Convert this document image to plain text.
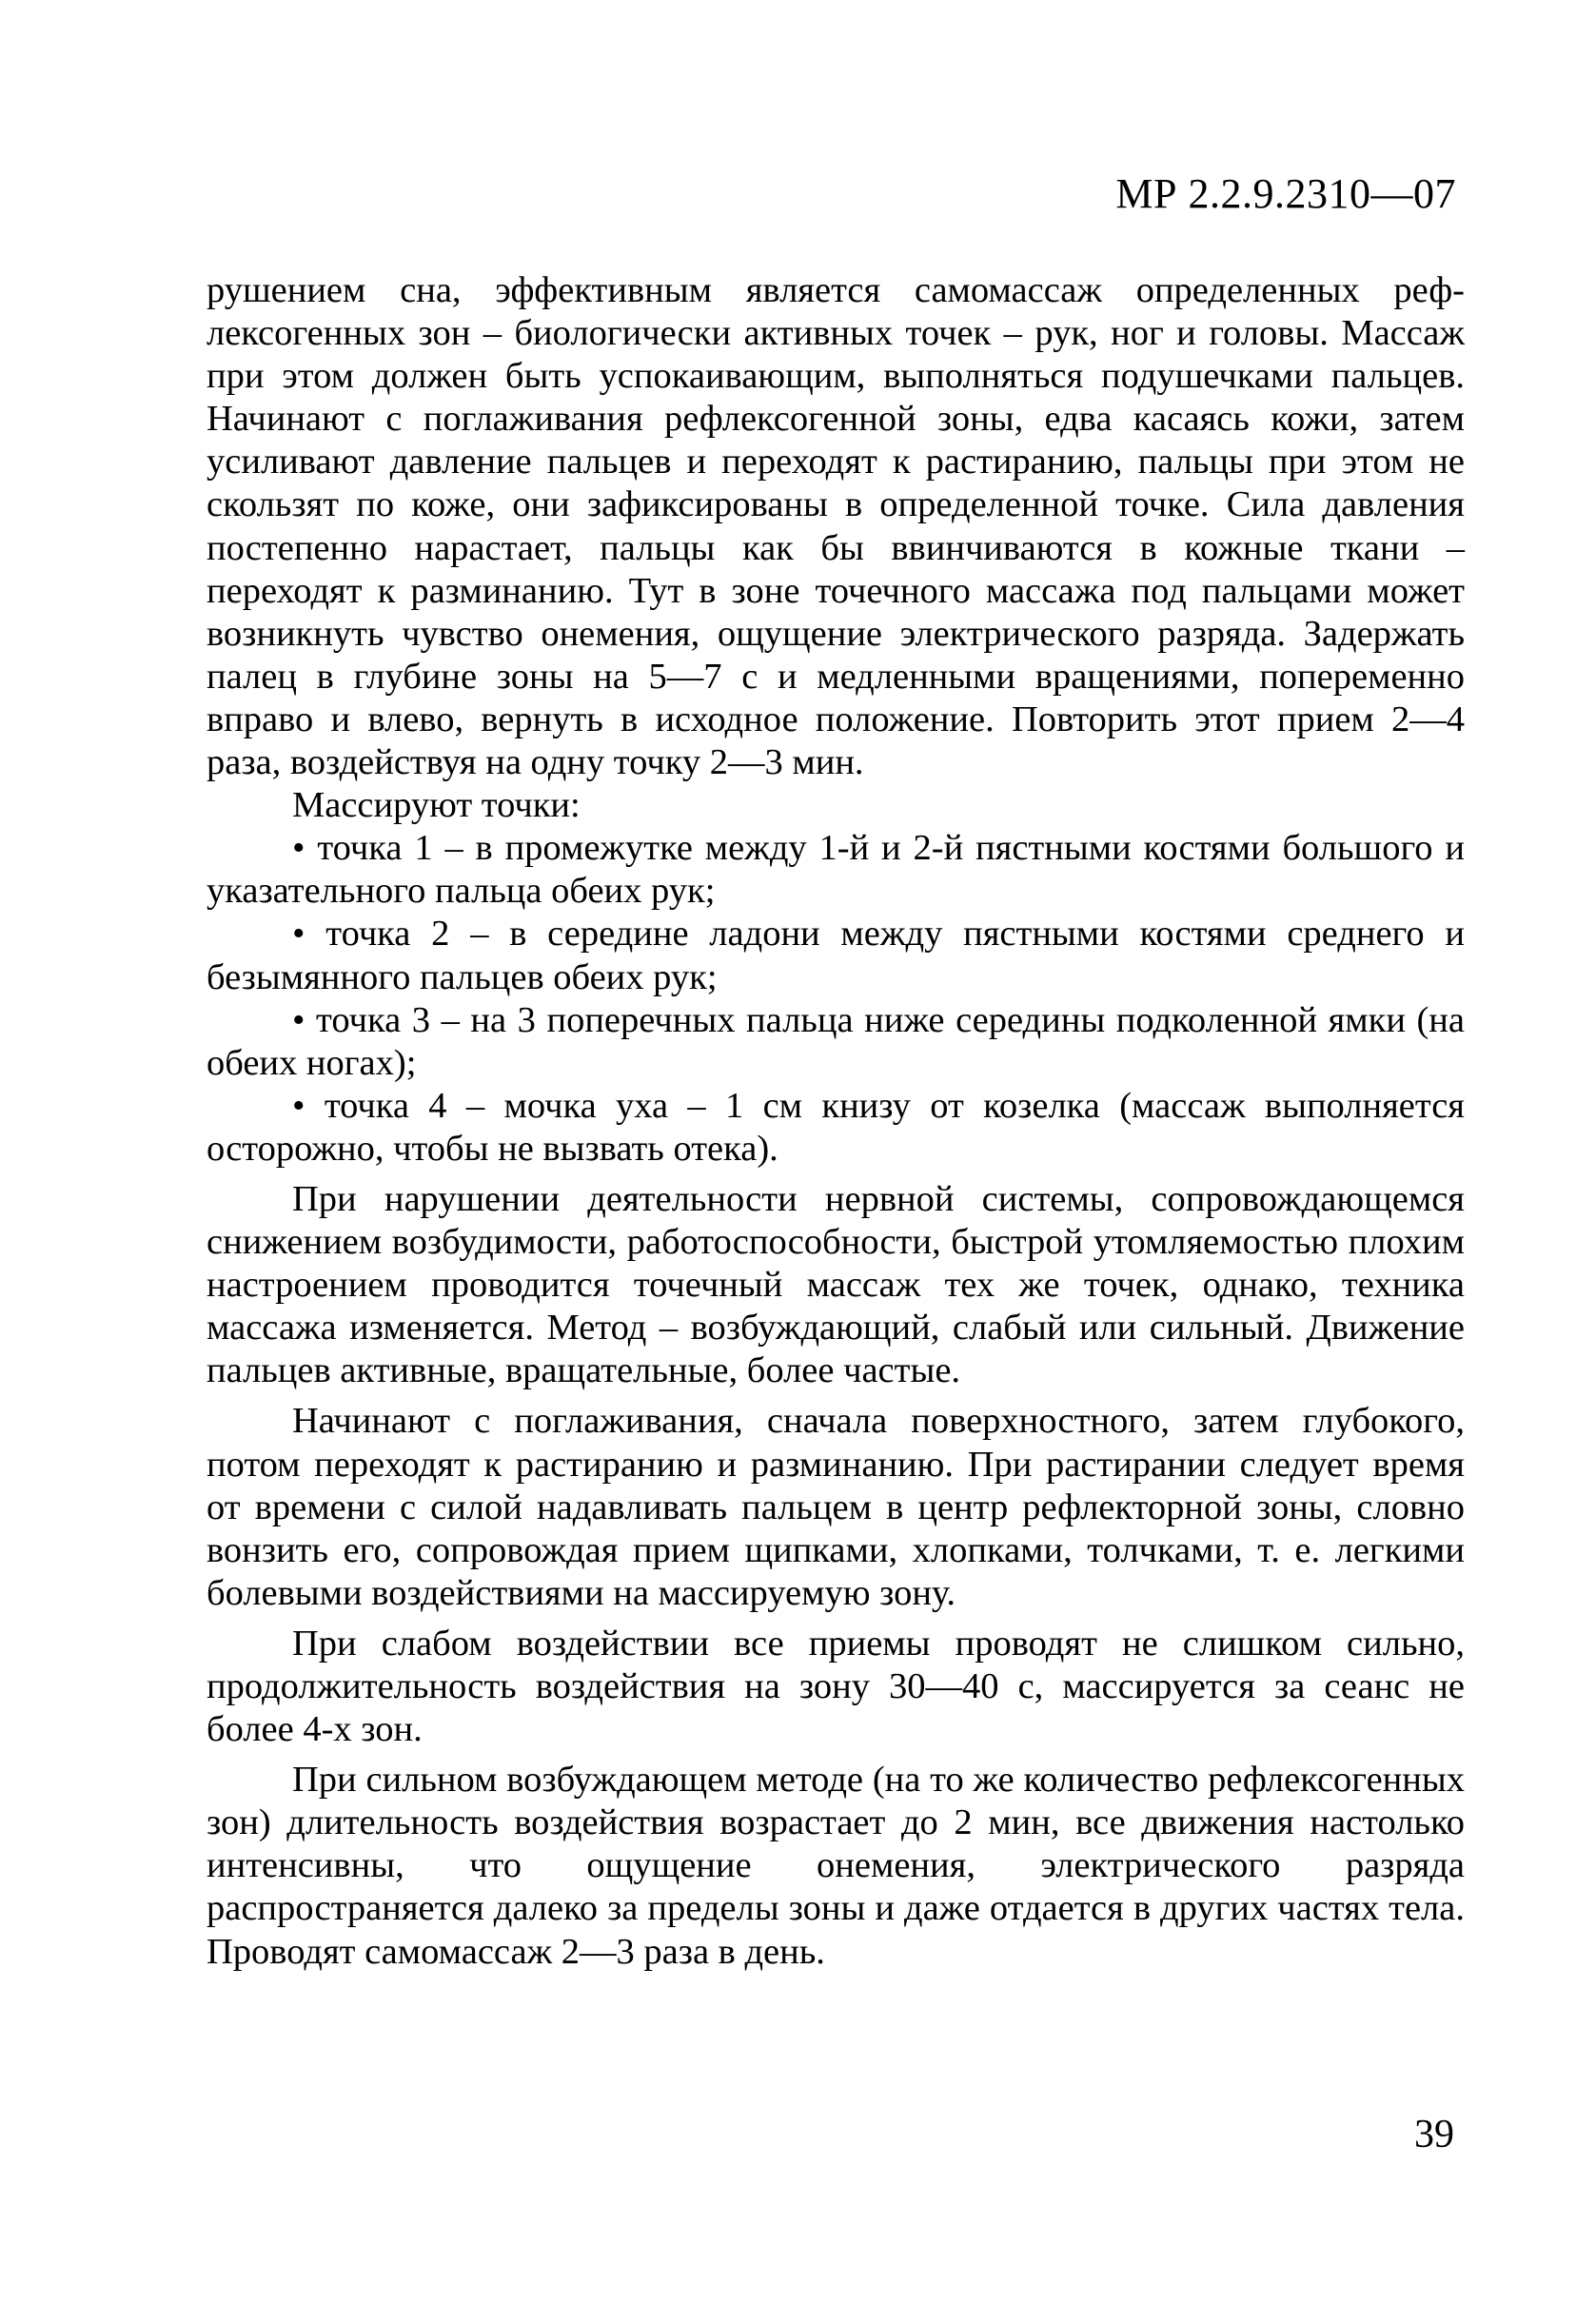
МР 2.2.9.2310—07

рушением сна, эффективным является самомассаж определенных рефлексогенных зон – биологически активных точек – рук, ног и головы. Массаж при этом должен быть успокаивающим, выполняться подушечками пальцев. Начинают с поглаживания рефлексогенной зоны, едва касаясь кожи, затем усиливают давление пальцев и переходят к растиранию, пальцы при этом не скользят по коже, они зафиксированы в определенной точке. Сила давления постепенно нарастает, пальцы как бы ввинчиваются в кожные ткани – переходят к разминанию. Тут в зоне точечного массажа под пальцами может возникнуть чувство онемения, ощущение электрического разряда. Задержать палец в глубине зоны на 5—7 с и медленными вращениями, попеременно вправо и влево, вернуть в исходное положение. Повторить этот прием 2—4 раза, воздействуя на одну точку 2—3 мин.

Массируют точки:

• точка 1 – в промежутке между 1-й и 2-й пястными костями большого и указательного пальца обеих рук;

• точка 2 – в середине ладони между пястными костями среднего и безымянного пальцев обеих рук;

• точка 3 – на 3 поперечных пальца ниже середины подколенной ямки (на обеих ногах);

• точка 4 – мочка уха – 1 см книзу от козелка (массаж выполняется осторожно, чтобы не вызвать отека).

При нарушении деятельности нервной системы, сопровождающемся снижением возбудимости, работоспособности, быстрой утомляемостью плохим настроением проводится точечный массаж тех же точек, однако, техника массажа изменяется. Метод – возбуждающий, слабый или сильный. Движение пальцев активные, вращательные, более частые.

Начинают с поглаживания, сначала поверхностного, затем глубокого, потом переходят к растиранию и разминанию. При растирании следует время от времени с силой надавливать пальцем в центр рефлекторной зоны, словно вонзить его, сопровождая прием щипками, хлопками, толчками, т. е. легкими болевыми воздействиями на массируемую зону.

При слабом воздействии все приемы проводят не слишком сильно, продолжительность воздействия на зону 30—40 с, массируется за сеанс не более 4-х зон.

При сильном возбуждающем методе (на то же количество рефлексогенных зон) длительность воздействия возрастает до 2 мин, все движения настолько интенсивны, что ощущение онемения, электрического разряда распространяется далеко за пределы зоны и даже отдается в других частях тела. Проводят самомассаж 2—3 раза в день.

39
